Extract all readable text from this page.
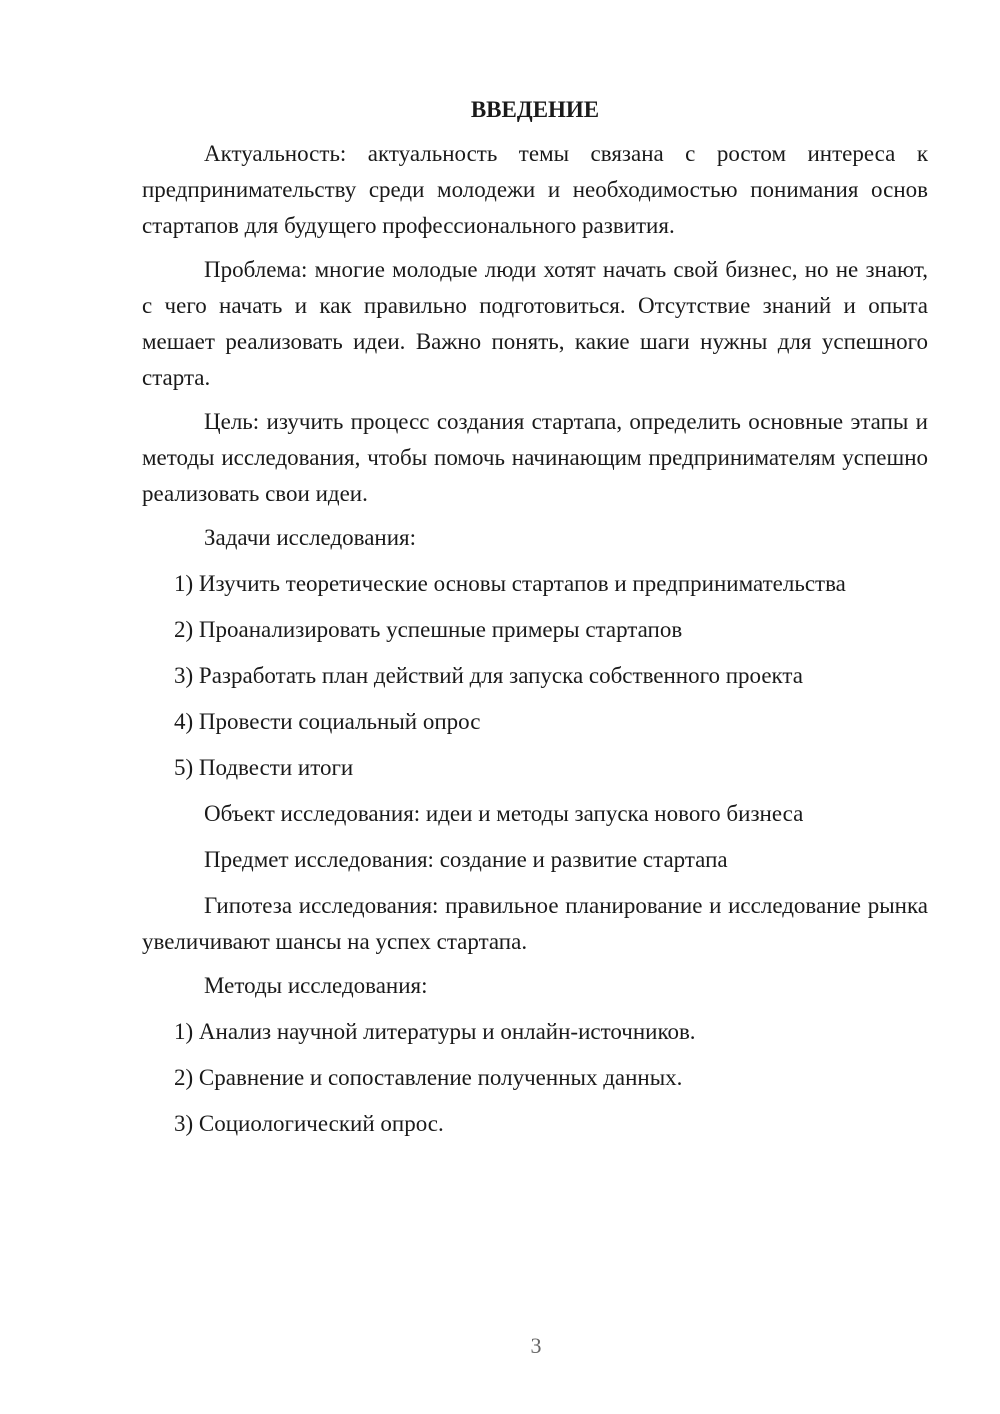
ВВЕДЕНИЕ

Актуальность: актуальность темы связана с ростом интереса к предпринимательству среди молодежи и необходимостью понимания основ стартапов для будущего профессионального развития.

Проблема: многие молодые люди хотят начать свой бизнес, но не знают, с чего начать и как правильно подготовиться. Отсутствие знаний и опыта мешает реализовать идеи. Важно понять, какие шаги нужны для успешного старта.

Цель: изучить процесс создания стартапа, определить основные этапы и методы исследования, чтобы помочь начинающим предпринимателям успешно реализовать свои идеи.

Задачи исследования:

1) Изучить теоретические основы стартапов и предпринимательства

2) Проанализировать успешные примеры стартапов

3) Разработать план действий для запуска собственного проекта

4) Провести социальный опрос

5) Подвести итоги

Объект исследования: идеи и методы запуска нового бизнеса

Предмет исследования: создание и развитие стартапа

Гипотеза исследования: правильное планирование и исследование рынка увеличивают шансы на успех стартапа.

Методы исследования:

1) Анализ научной литературы и онлайн-источников.

2) Сравнение и сопоставление полученных данных.

3) Социологический опрос.

3
